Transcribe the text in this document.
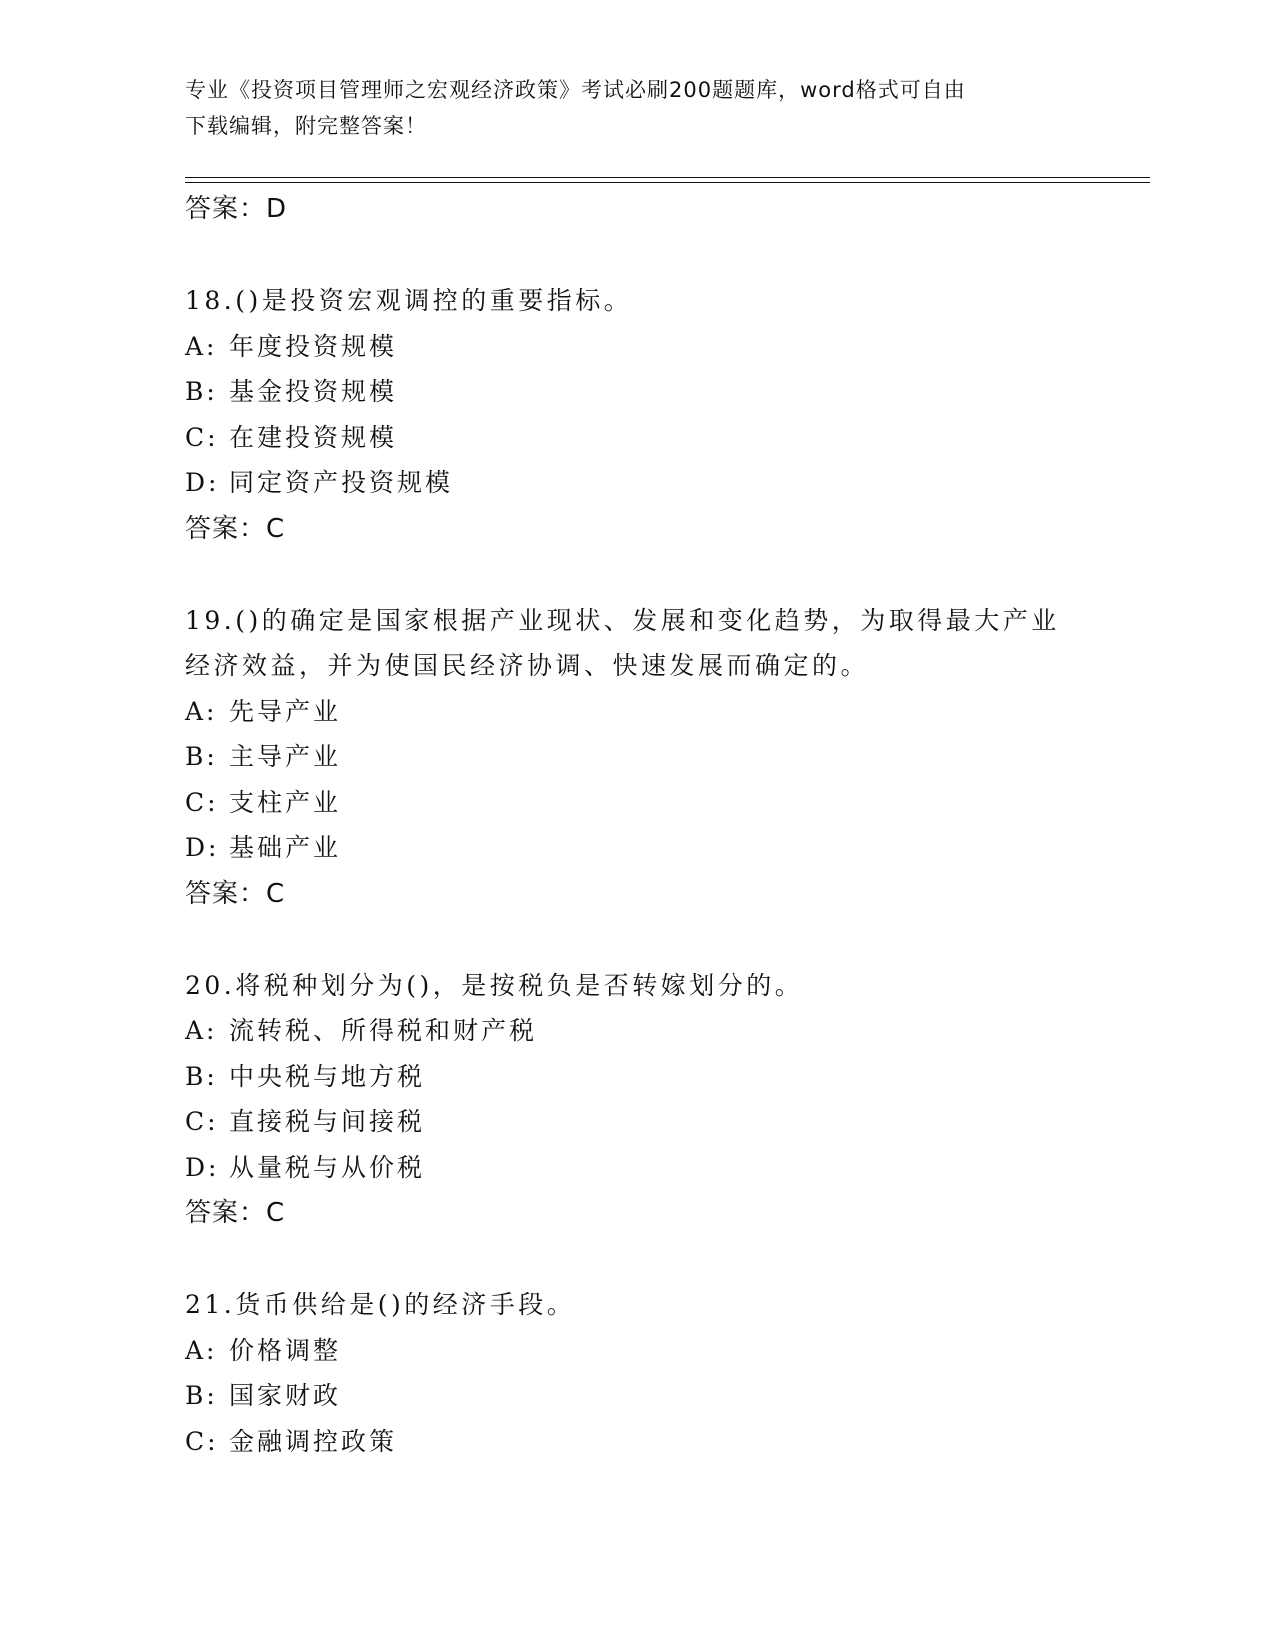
专业《投资项目管理师之宏观经济政策》考试必刷200题题库，word格式可自由
下载编辑，附完整答案！

答案：D

18.()是投资宏观调控的重要指标。

A: 年度投资规模

B: 基金投资规模

C: 在建投资规模

D: 同定资产投资规模

答案：C

19.()的确定是国家根据产业现状、发展和变化趋势，为取得最大产业

经济效益，并为使国民经济协调、快速发展而确定的。

A: 先导产业

B: 主导产业

C: 支柱产业

D: 基础产业

答案：C

20.将税种划分为()，是按税负是否转嫁划分的。

A: 流转税、所得税和财产税

B: 中央税与地方税

C: 直接税与间接税

D: 从量税与从价税

答案：C

21.货币供给是()的经济手段。

A: 价格调整

B: 国家财政

C: 金融调控政策
